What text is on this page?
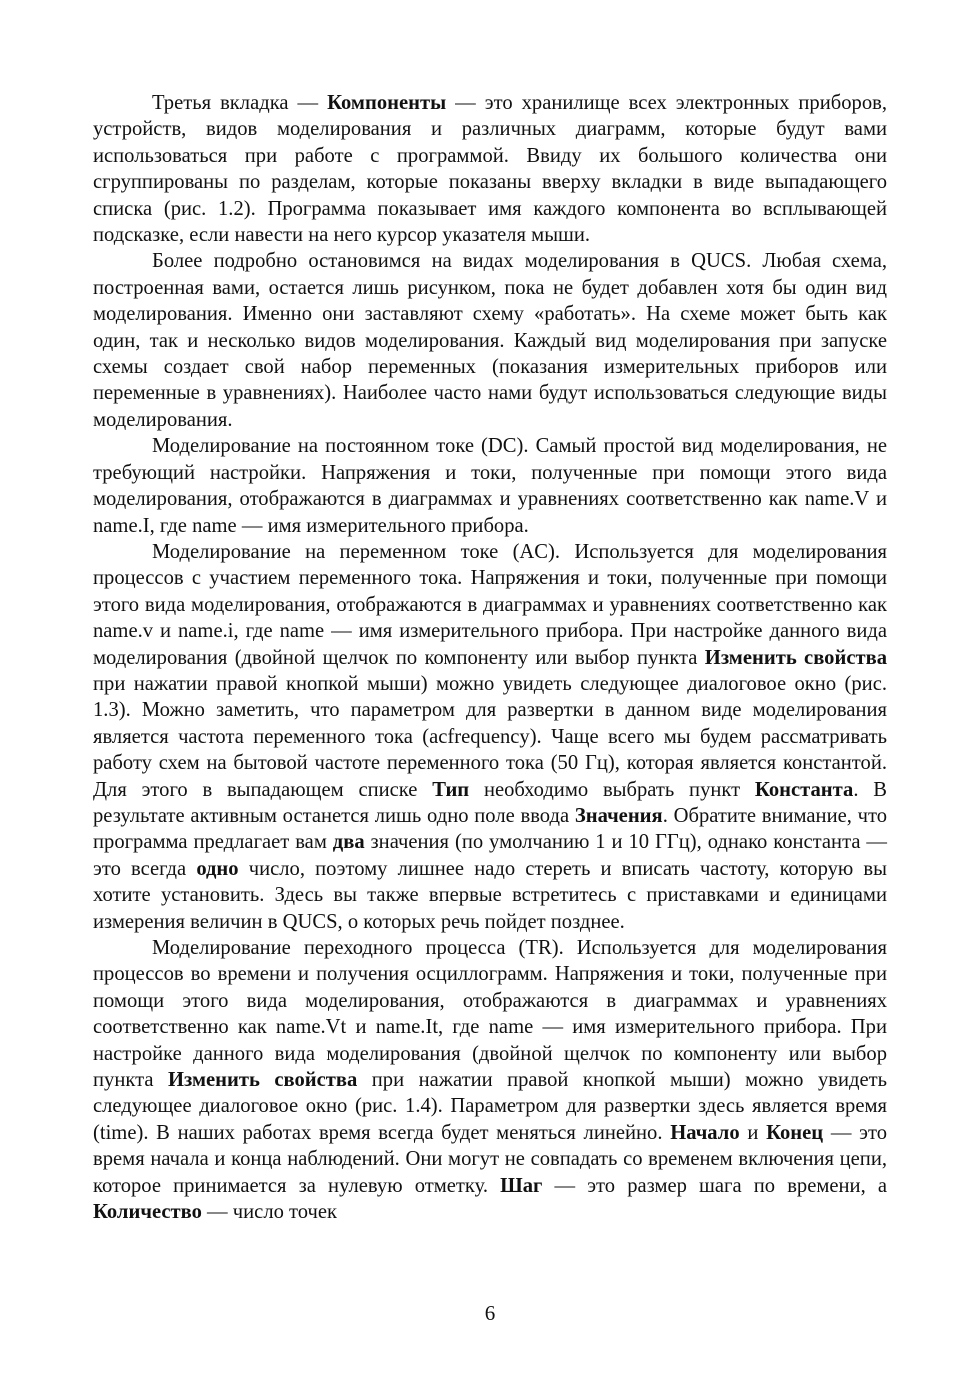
Третья вкладка — Компоненты — это хранилище всех электронных приборов, устройств, видов моделирования и различных диаграмм, которые будут вами использоваться при работе с программой. Ввиду их большого количества они сгруппированы по разделам, которые показаны вверху вкладки в виде выпадающего списка (рис. 1.2). Программа показывает имя каждого компонента во всплывающей подсказке, если навести на него курсор указателя мыши.

Более подробно остановимся на видах моделирования в QUCS. Любая схема, построенная вами, остается лишь рисунком, пока не будет добавлен хотя бы один вид моделирования. Именно они заставляют схему «работать». На схеме может быть как один, так и несколько видов моделирования. Каждый вид моделирования при запуске схемы создает свой набор переменных (показания измерительных приборов или переменные в уравнениях). Наиболее часто нами будут использоваться следующие виды моделирования.

Моделирование на постоянном токе (DC). Самый простой вид моделирования, не требующий настройки. Напряжения и токи, полученные при помощи этого вида моделирования, отображаются в диаграммах и уравнениях соответственно как name.V и name.I, где name — имя измерительного прибора.

Моделирование на переменном токе (AC). Используется для моделирования процессов с участием переменного тока. Напряжения и токи, полученные при помощи этого вида моделирования, отображаются в диаграммах и уравнениях соответственно как name.v и name.i, где name — имя измерительного прибора. При настройке данного вида моделирования (двойной щелчок по компоненту или выбор пункта Изменить свойства при нажатии правой кнопкой мыши) можно увидеть следующее диалоговое окно (рис. 1.3). Можно заметить, что параметром для развертки в данном виде моделирования является частота переменного тока (acfrequency). Чаще всего мы будем рассматривать работу схем на бытовой частоте переменного тока (50 Гц), которая является константой. Для этого в выпадающем списке Тип необходимо выбрать пункт Константа. В результате активным останется лишь одно поле ввода Значения. Обратите внимание, что программа предлагает вам два значения (по умолчанию 1 и 10 ГГц), однако константа — это всегда одно число, поэтому лишнее надо стереть и вписать частоту, которую вы хотите установить. Здесь вы также впервые встретитесь с приставками и единицами измерения величин в QUCS, о которых речь пойдет позднее.

Моделирование переходного процесса (TR). Используется для моделирования процессов во времени и получения осциллограмм. Напряжения и токи, полученные при помощи этого вида моделирования, отображаются в диаграммах и уравнениях соответственно как name.Vt и name.It, где name — имя измерительного прибора. При настройке данного вида моделирования (двойной щелчок по компоненту или выбор пункта Изменить свойства при нажатии правой кнопкой мыши) можно увидеть следующее диалоговое окно (рис. 1.4). Параметром для развертки здесь является время (time). В наших работах время всегда будет меняться линейно. Начало и Конец — это время начала и конца наблюдений. Они могут не совпадать со временем включения цепи, которое принимается за нулевую отметку. Шаг — это размер шага по времени, а Количество — число точек

6
